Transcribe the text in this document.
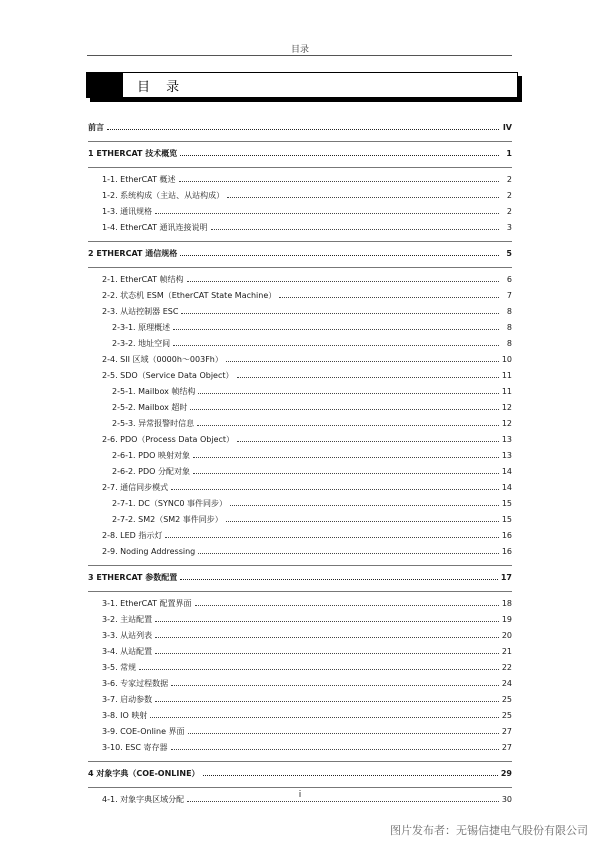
目录
目 录
前言	IV
1 ETHERCAT 技术概览	1
1-1. EtherCAT 概述	2
1-2. 系统构成（主站、从站构成）	2
1-3. 通讯规格	2
1-4. EtherCAT 通讯连接说明	3
2 ETHERCAT 通信规格	5
2-1. EtherCAT 帧结构	6
2-2. 状态机 ESM（EtherCAT State Machine）	7
2-3. 从站控制器 ESC	8
2-3-1. 原理概述	8
2-3-2. 地址空间	8
2-4. SII 区域（0000h～003Fh）	10
2-5. SDO（Service Data Object）	11
2-5-1. Mailbox 帧结构	11
2-5-2. Mailbox 超时	12
2-5-3. 异常报警时信息	12
2-6. PDO（Process Data Object）	13
2-6-1. PDO 映射对象	13
2-6-2. PDO 分配对象	14
2-7. 通信同步模式	14
2-7-1. DC（SYNC0 事件同步）	15
2-7-2. SM2（SM2 事件同步）	15
2-8. LED 指示灯	16
2-9. Noding Addressing	16
3 ETHERCAT 参数配置	17
3-1. EtherCAT 配置界面	18
3-2. 主站配置	19
3-3. 从站列表	20
3-4. 从站配置	21
3-5. 常规	22
3-6. 专家过程数据	24
3-7. 启动参数	25
3-8. IO 映射	25
3-9. COE-Online 界面	27
3-10. ESC 寄存器	27
4 对象字典（COE-ONLINE）	29
4-1. 对象字典区域分配	30
i
图片发布者：无锡信捷电气股份有限公司
